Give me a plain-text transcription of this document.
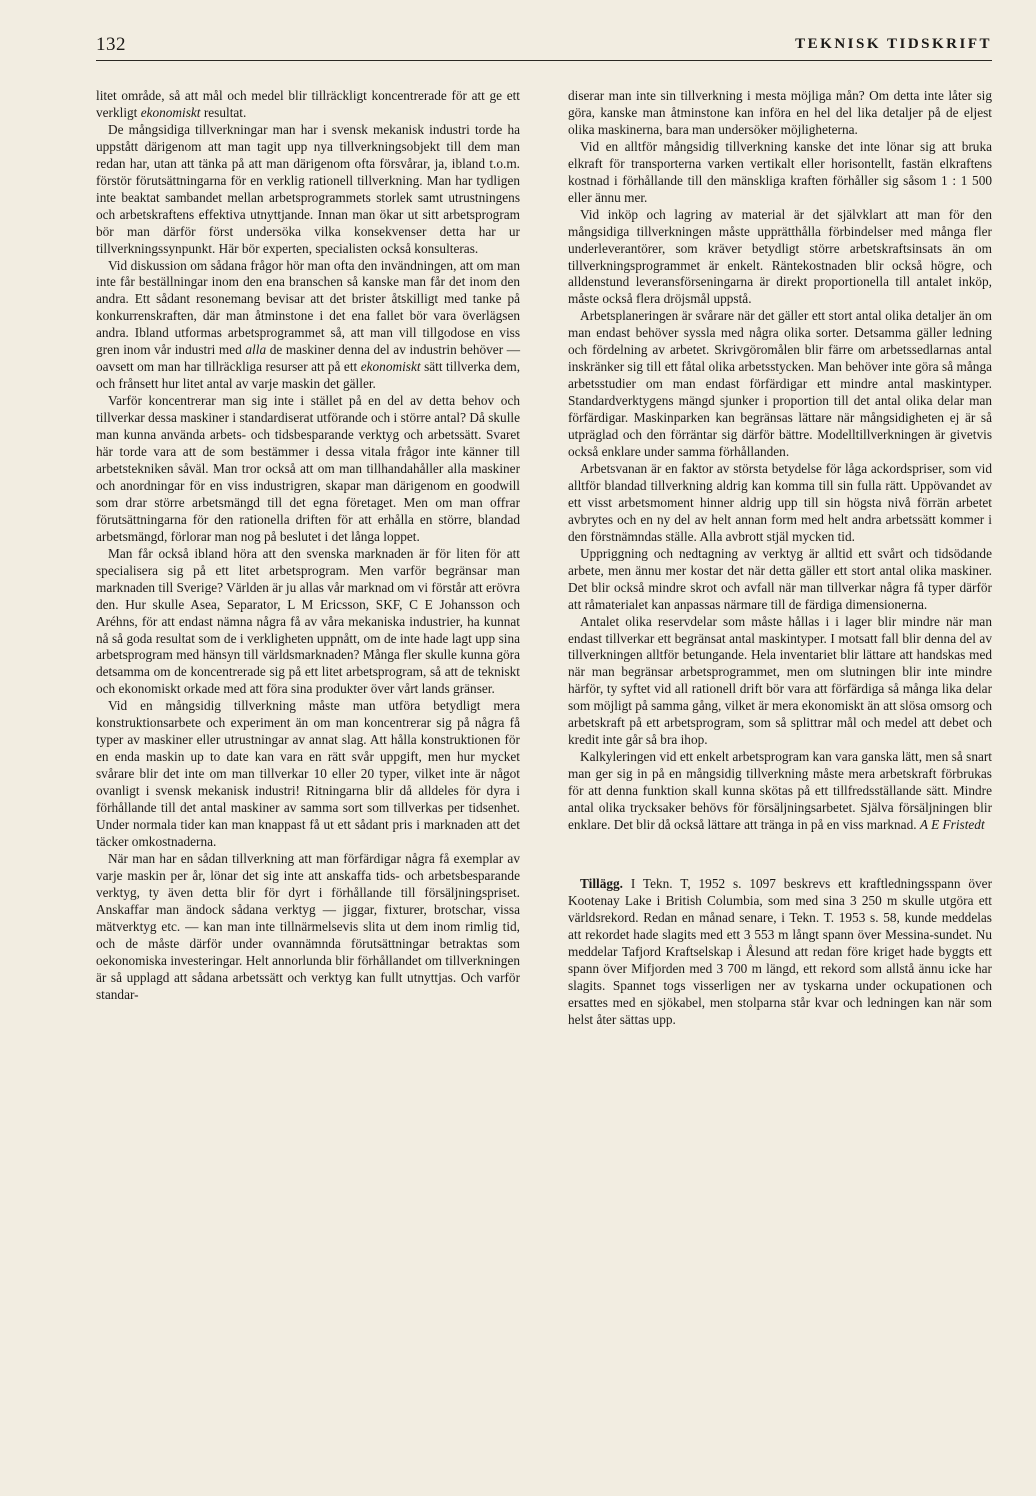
132	TEKNISK TIDSKRIFT

litet område, så att mål och medel blir tillräckligt koncentrerade för att ge ett verkligt ekonomiskt resultat.

De mångsidiga tillverkningar man har i svensk mekanisk industri torde ha uppstått därigenom att man tagit upp nya tillverkningsobjekt till dem man redan har, utan att tänka på att man därigenom ofta försvårar, ja, ibland t.o.m. förstör förutsättningarna för en verklig rationell tillverkning. Man har tydligen inte beaktat sambandet mellan arbetsprogrammets storlek samt utrustningens och arbetskraftens effektiva utnyttjande. Innan man ökar ut sitt arbetsprogram bör man därför först undersöka vilka konsekvenser detta har ur tillverkningssynpunkt. Här bör experten, specialisten också konsulteras.

Vid diskussion om sådana frågor hör man ofta den invändningen, att om man inte får beställningar inom den ena branschen så kanske man får det inom den andra. Ett sådant resonemang bevisar att det brister åtskilligt med tanke på konkurrenskraften, där man åtminstone i det ena fallet bör vara överlägsen andra. Ibland utformas arbetsprogrammet så, att man vill tillgodose en viss gren inom vår industri med alla de maskiner denna del av industrin behöver — oavsett om man har tillräckliga resurser att på ett ekonomiskt sätt tillverka dem, och frånsett hur litet antal av varje maskin det gäller.

Varför koncentrerar man sig inte i stället på en del av detta behov och tillverkar dessa maskiner i standardiserat utförande och i större antal? Då skulle man kunna använda arbets- och tidsbesparande verktyg och arbetssätt. Svaret här torde vara att de som bestämmer i dessa vitala frågor inte känner till arbetstekniken såväl. Man tror också att om man tillhandahåller alla maskiner och anordningar för en viss industrigren, skapar man därigenom en goodwill som drar större arbetsmängd till det egna företaget. Men om man offrar förutsättningarna för den rationella driften för att erhålla en större, blandad arbetsmängd, förlorar man nog på beslutet i det långa loppet.

Man får också ibland höra att den svenska marknaden är för liten för att specialisera sig på ett litet arbetsprogram. Men varför begränsar man marknaden till Sverige? Världen är ju allas vår marknad om vi förstår att erövra den. Hur skulle Asea, Separator, L M Ericsson, SKF, C E Johansson och Aréhns, för att endast nämna några få av våra mekaniska industrier, ha kunnat nå så goda resultat som de i verkligheten uppnått, om de inte hade lagt upp sina arbetsprogram med hänsyn till världsmarknaden? Många fler skulle kunna göra detsamma om de koncentrerade sig på ett litet arbetsprogram, så att de tekniskt och ekonomiskt orkade med att föra sina produkter över vårt lands gränser.

Vid en mångsidig tillverkning måste man utföra betydligt mera konstruktionsarbete och experiment än om man koncentrerar sig på några få typer av maskiner eller utrustningar av annat slag. Att hålla konstruktionen för en enda maskin up to date kan vara en rätt svår uppgift, men hur mycket svårare blir det inte om man tillverkar 10 eller 20 typer, vilket inte är något ovanligt i svensk mekanisk industri! Ritningarna blir då alldeles för dyra i förhållande till det antal maskiner av samma sort som tillverkas per tidsenhet. Under normala tider kan man knappast få ut ett sådant pris i marknaden att det täcker omkostnaderna.

När man har en sådan tillverkning att man förfärdigar några få exemplar av varje maskin per år, lönar det sig inte att anskaffa tids- och arbetsbesparande verktyg, ty även detta blir för dyrt i förhållande till försäljningspriset. Anskaffar man ändock sådana verktyg — jiggar, fixturer, brotschar, vissa mätverktyg etc. — kan man inte tillnärmelsevis slita ut dem inom rimlig tid, och de måste därför under ovannämnda förutsättningar betraktas som oekonomiska investeringar. Helt annorlunda blir förhållandet om tillverkningen är så upplagd att sådana arbetssätt och verktyg kan fullt utnyttjas. Och varför standar-

diserar man inte sin tillverkning i mesta möjliga mån? Om detta inte låter sig göra, kanske man åtminstone kan införa en hel del lika detaljer på de eljest olika maskinerna, bara man undersöker möjligheterna.

Vid en alltför mångsidig tillverkning kanske det inte lönar sig att bruka elkraft för transporterna varken vertikalt eller horisontellt, fastän elkraftens kostnad i förhållande till den mänskliga kraften förhåller sig såsom 1 : 1 500 eller ännu mer.

Vid inköp och lagring av material är det självklart att man för den mångsidiga tillverkningen måste upprätthålla förbindelser med många fler underleverantörer, som kräver betydligt större arbetskraftsinsats än om tillverkningsprogrammet är enkelt. Räntekostnaden blir också högre, och alldenstund leveransförseningarna är direkt proportionella till antalet inköp, måste också flera dröjsmål uppstå.

Arbetsplaneringen är svårare när det gäller ett stort antal olika detaljer än om man endast behöver syssla med några olika sorter. Detsamma gäller ledning och fördelning av arbetet. Skrivgöromålen blir färre om arbetssedlarnas antal inskränker sig till ett fåtal olika arbetsstycken. Man behöver inte göra så många arbetsstudier om man endast förfärdigar ett mindre antal maskintyper. Standardverktygens mängd sjunker i proportion till det antal olika delar man förfärdigar. Maskinparken kan begränsas lättare när mångsidigheten ej är så utpräglad och den förräntar sig därför bättre. Modelltillverkningen är givetvis också enklare under samma förhållanden.

Arbetsvanan är en faktor av största betydelse för låga ackordspriser, som vid alltför blandad tillverkning aldrig kan komma till sin fulla rätt. Uppövandet av ett visst arbetsmoment hinner aldrig upp till sin högsta nivå förrän arbetet avbrytes och en ny del av helt annan form med helt andra arbetssätt kommer i den förstnämndas ställe. Alla avbrott stjäl mycken tid.

Uppriggning och nedtagning av verktyg är alltid ett svårt och tidsödande arbete, men ännu mer kostar det när detta gäller ett stort antal olika maskiner. Det blir också mindre skrot och avfall när man tillverkar några få typer därför att råmaterialet kan anpassas närmare till de färdiga dimensionerna.

Antalet olika reservdelar som måste hållas i i lager blir mindre när man endast tillverkar ett begränsat antal maskintyper. I motsatt fall blir denna del av tillverkningen alltför betungande. Hela inventariet blir lättare att handskas med när man begränsar arbetsprogrammet, men om slutningen blir inte mindre härför, ty syftet vid all rationell drift bör vara att förfärdiga så många lika delar som möjligt på samma gång, vilket är mera ekonomiskt än att slösa omsorg och arbetskraft på ett arbetsprogram, som så splittrar mål och medel att debet och kredit inte går så bra ihop.

Kalkyleringen vid ett enkelt arbetsprogram kan vara ganska lätt, men så snart man ger sig in på en mångsidig tillverkning måste mera arbetskraft förbrukas för att denna funktion skall kunna skötas på ett tillfredsställande sätt. Mindre antal olika trycksaker behövs för försäljningsarbetet. Själva försäljningen blir enklare. Det blir då också lättare att tränga in på en viss marknad. A E Fristedt

Tillägg. I Tekn. T, 1952 s. 1097 beskrevs ett kraftledningsspann över Kootenay Lake i British Columbia, som med sina 3 250 m skulle utgöra ett världsrekord. Redan en månad senare, i Tekn. T. 1953 s. 58, kunde meddelas att rekordet hade slagits med ett 3 553 m långt spann över Messina-sundet. Nu meddelar Tafjord Kraftselskap i Ålesund att redan före kriget hade byggts ett spann över Mifjorden med 3 700 m längd, ett rekord som allstå ännu icke har slagits. Spannet togs visserligen ner av tyskarna under ockupationen och ersattes med en sjökabel, men stolparna står kvar och ledningen kan när som helst åter sättas upp.
